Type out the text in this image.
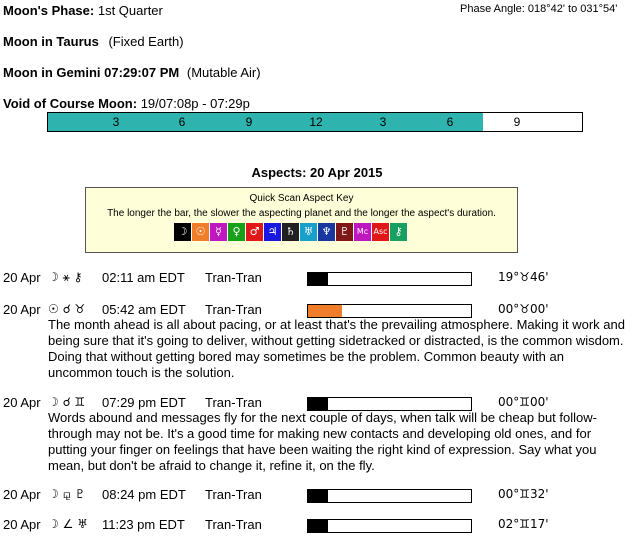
Moon's Phase: 1st Quarter	Phase Angle: 018°42' to 031°54'
Moon in Taurus (Fixed Earth)
Moon in Gemini 07:29:07 PM (Mutable Air)
Void of Course Moon: 19/07:08p - 07:29p
3	6	9	12	3	6	9
Aspects: 20 Apr 2015
Quick Scan Aspect Key
The longer the bar, the slower the aspecting planet and the longer the aspect's duration.
☽ ☉ ☿ ♀ ♂ ♃ ♄ ♅ ♆ ♇ Mc Asc ⚷
20 Apr ☽ ⚹ ⚷ 02:11 am EDT Tran-Tran	19°♉46'
20 Apr ☉ ☌ ♉ 05:42 am EDT Tran-Tran	00°♉00'
The month ahead is all about pacing, or at least that's the prevailing atmosphere. Making it work and being sure that it's going to deliver, without getting sidetracked or distracted, is the common wisdom. Doing that without getting bored may sometimes be the problem. Common beauty with an uncommon touch is the solution.
20 Apr ☽ ☌ ♊ 07:29 pm EDT Tran-Tran	00°♊00'
Words abound and messages fly for the next couple of days, when talk will be cheap but follow-through may not be. It's a good time for making new contacts and developing old ones, and for putting your finger on feelings that have been waiting the right kind of expression. Say what you mean, but don't be afraid to change it, refine it, on the fly.
20 Apr ☽ ⚼ ♇ 08:24 pm EDT Tran-Tran	00°♊32'
20 Apr ☽ ∠ ♅ 11:23 pm EDT Tran-Tran	02°♊17'
